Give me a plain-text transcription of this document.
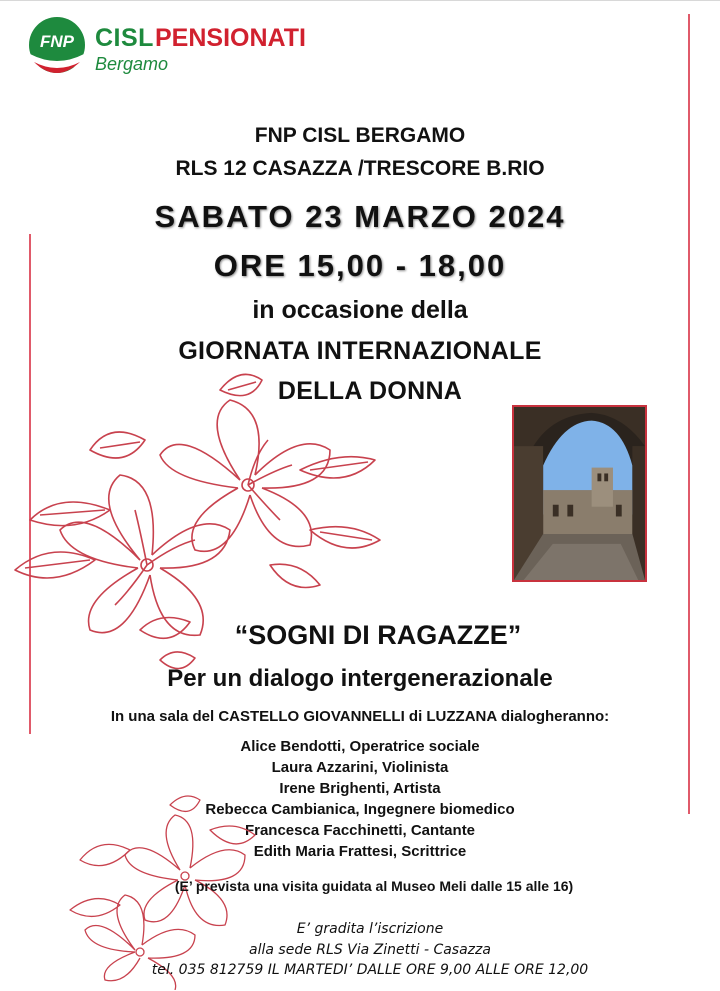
FNP CISL PENSIONATI
Bergamo
FNP CISL BERGAMO
RLS 12 CASAZZA /TRESCORE B.RIO
SABATO 23 MARZO 2024
ORE 15,00 - 18,00
in occasione della
GIORNATA INTERNAZIONALE
DELLA DONNA
“SOGNI DI RAGAZZE”
Per un dialogo intergenerazionale
In una sala del CASTELLO GIOVANNELLI di LUZZANA dialogheranno:
Alice Bendotti, Operatrice sociale
Laura Azzarini, Violinista
Irene Brighenti, Artista
Rebecca Cambianica, Ingegnere biomedico
Francesca Facchinetti, Cantante
Edith Maria Frattesi, Scrittrice
(E’ prevista una visita guidata al Museo Meli dalle 15 alle 16)
E’ gradita l’iscrizione
alla sede RLS Via Zinetti - Casazza
tel. 035 812759 IL MARTEDI’ DALLE ORE 9,00 ALLE ORE 12,00
